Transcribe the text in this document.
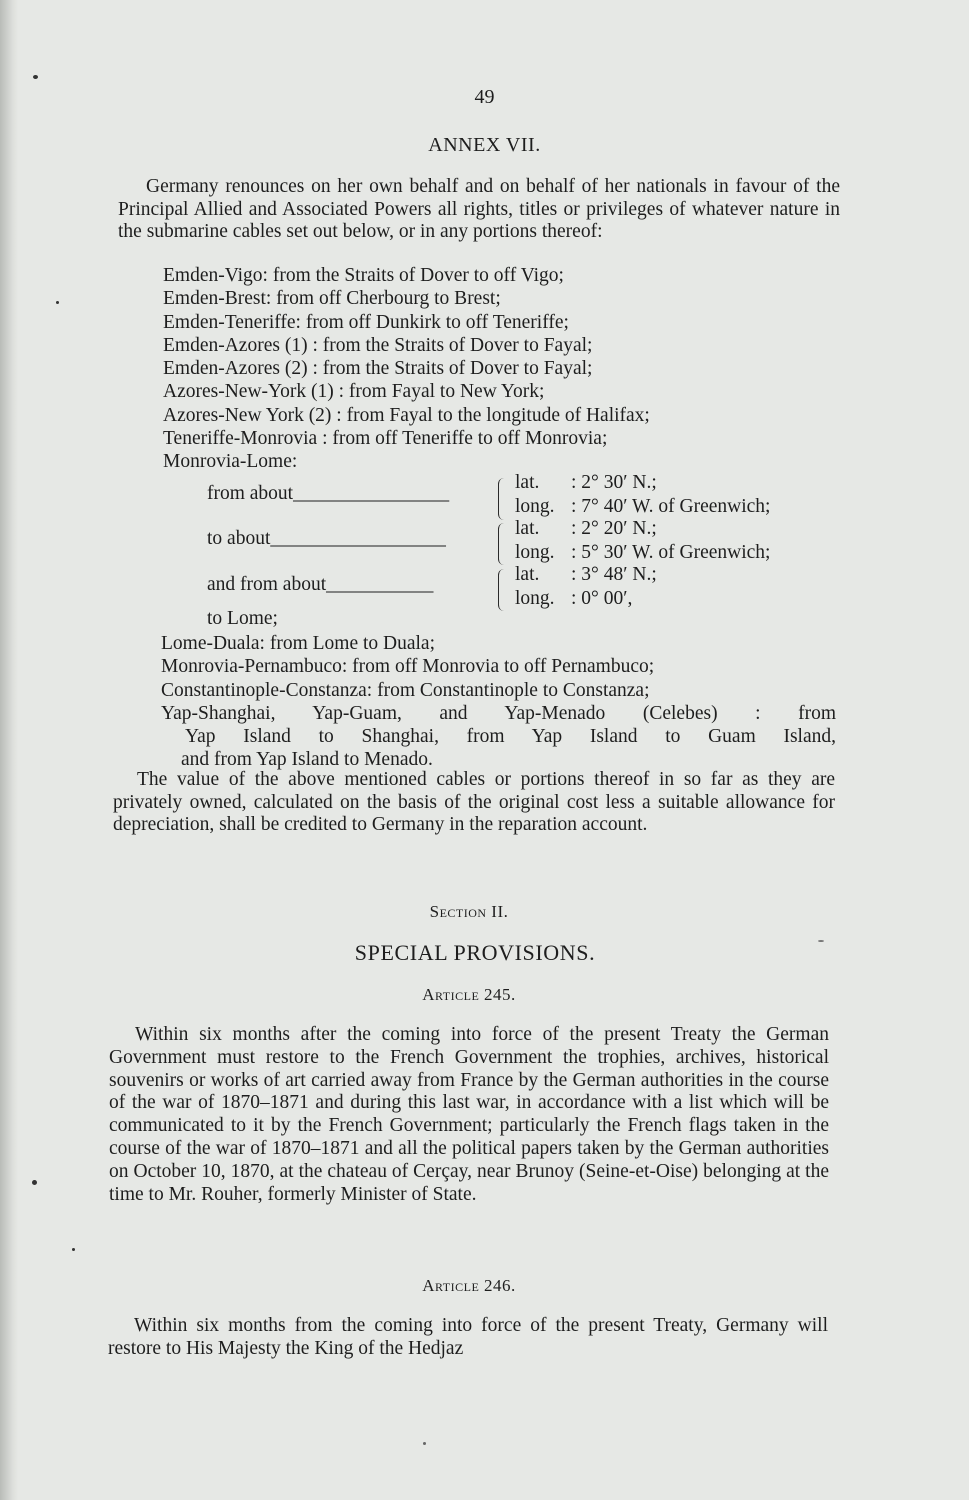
49
ANNEX VII.

Germany renounces on her own behalf and on behalf of her nationals in favour of the Principal Allied and Associated Powers all rights, titles or privileges of whatever nature in the submarine cables set out below, or in any portions thereof:

Emden-Vigo: from the Straits of Dover to off Vigo;
Emden-Brest: from off Cherbourg to Brest;
Emden-Teneriffe: from off Dunkirk to off Teneriffe;
Emden-Azores (1) : from the Straits of Dover to Fayal;
Emden-Azores (2) : from the Straits of Dover to Fayal;
Azores-New-York (1) : from Fayal to New York;
Azores-New York (2) : from Fayal to the longitude of Halifax;
Teneriffe-Monrovia : from off Teneriffe to off Monrovia;
Monrovia-Lome:
from about________________
lat. : 2° 30′ N.;
long. : 7° 40′ W. of Greenwich;
to about__________________	lat. : 2° 20′ N.;
long. : 5° 30′ W. of Greenwich;
and from about___________	lat. : 3° 48′ N.;
long. : 0° 00′,
to Lome;
Lome-Duala: from Lome to Duala;
Monrovia-Pernambuco: from off Monrovia to off Pernambuco;
Constantinople-Constanza: from Constantinople to Constanza;
Yap-Shanghai, Yap-Guam, and Yap-Menado (Celebes) : from
Yap Island to Shanghai, from Yap Island to Guam Island,
and from Yap Island to Menado.

The value of the above mentioned cables or portions thereof in so far as they are privately owned, calculated on the basis of the original cost less a suitable allowance for depreciation, shall be credited to Germany in the reparation account.

Section II.
SPECIAL PROVISIONS.
Article 245.

Within six months after the coming into force of the present Treaty the German Government must restore to the French Government the trophies, archives, historical souvenirs or works of art carried away from France by the German authorities in the course of the war of 1870–1871 and during this last war, in accordance with a list which will be communicated to it by the French Government; particularly the French flags taken in the course of the war of 1870–1871 and all the political papers taken by the German authorities on October 10, 1870, at the chateau of Cerçay, near Brunoy (Seine-et-Oise) belonging at the time to Mr. Rouher, formerly Minister of State.

Article 246.

Within six months from the coming into force of the present Treaty, Germany will restore to His Majesty the King of the Hedjaz
